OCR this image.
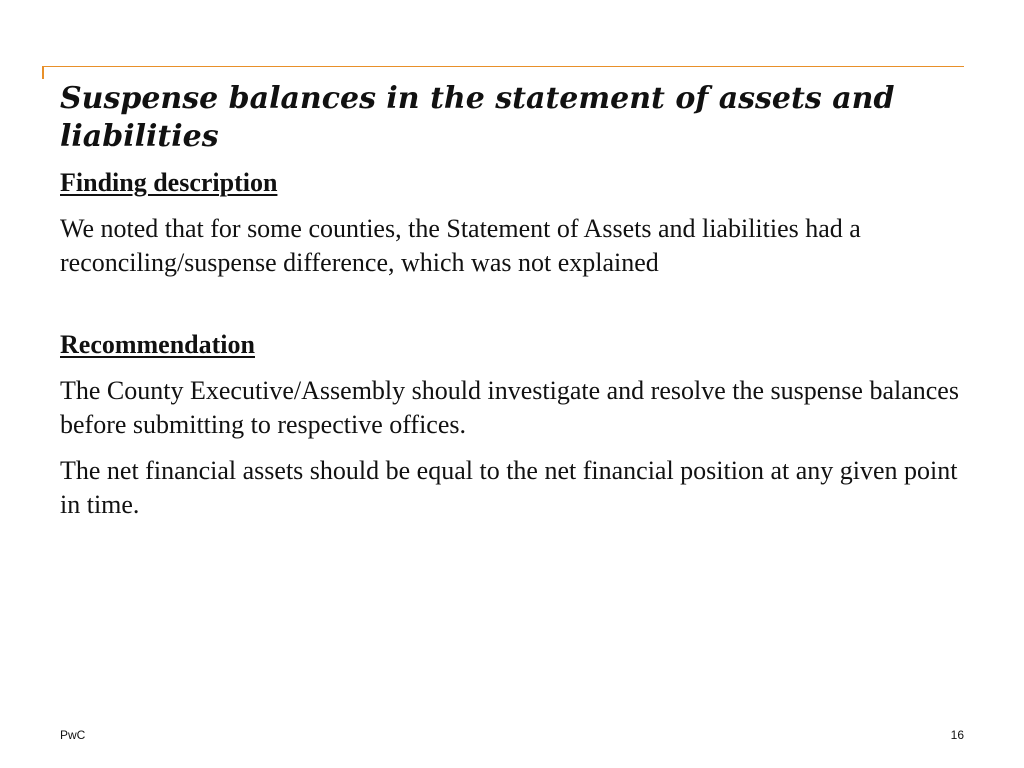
Suspense balances in the statement of assets and liabilities

Finding description

We noted that for some counties, the Statement of Assets and liabilities had a reconciling/suspense difference, which was not explained

Recommendation

The County Executive/Assembly should investigate and resolve the suspense balances before submitting to respective offices.

The net financial assets should be equal to the net financial position at any given point in time.

PwC	16
